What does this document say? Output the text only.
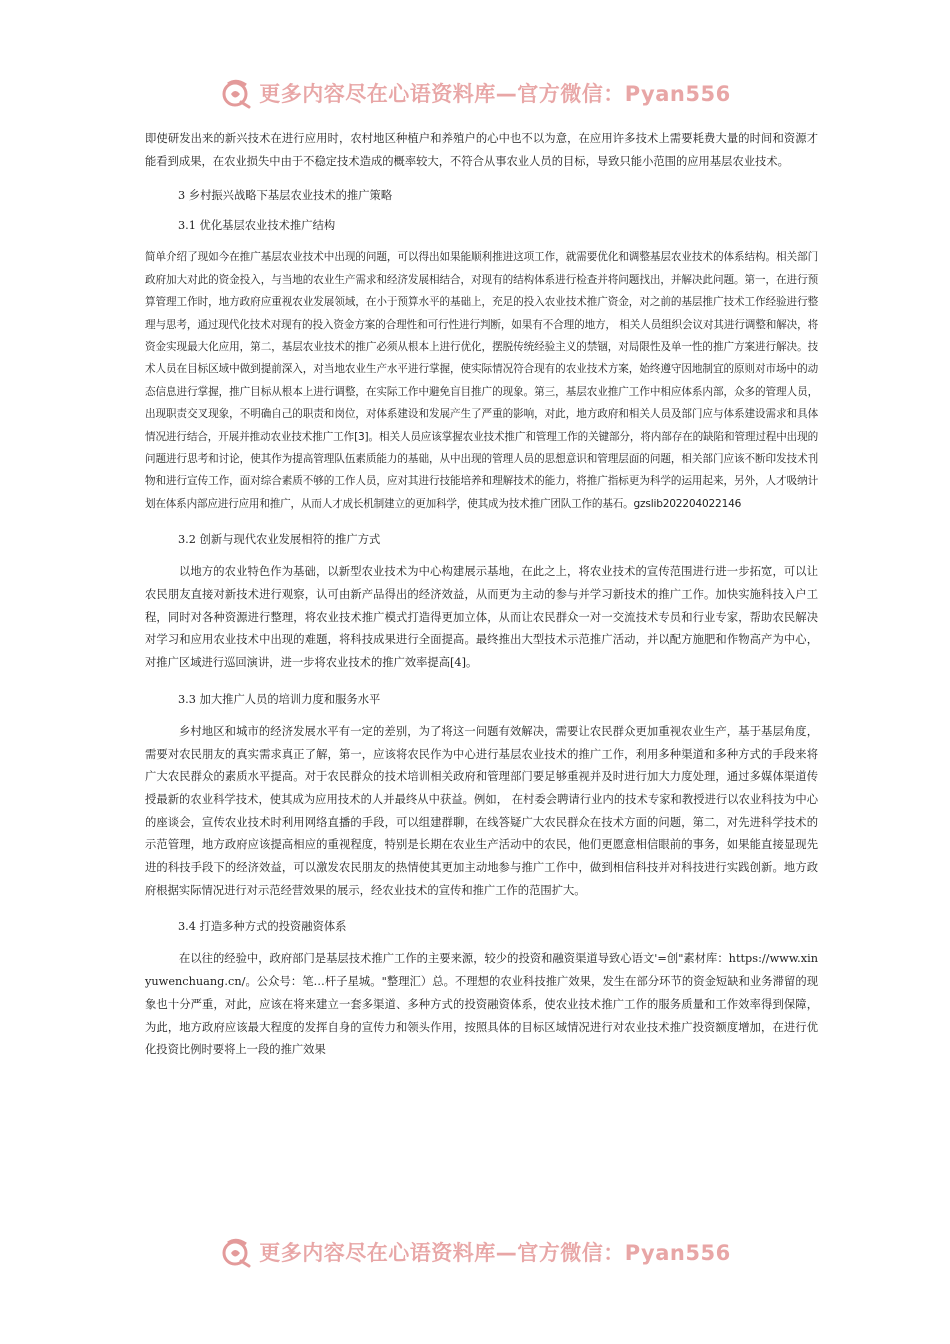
更多内容尽在心语资料库—官方微信：Pyan556

即使研发出来的新兴技术在进行应用时，农村地区种植户和养殖户的心中也不以为意，在应用许多技术上需要耗费大量的时间和资源才能看到成果，在农业损失中由于不稳定技术造成的概率较大，不符合从事农业人员的目标，导致只能小范围的应用基层农业技术。

3 乡村振兴战略下基层农业技术的推广策略

3.1 优化基层农业技术推广结构

简单介绍了现如今在推广基层农业技术中出现的问题，可以得出如果能顺利推进这项工作，就需要优化和调整基层农业技术的体系结构。相关部门政府加大对此的资金投入，与当地的农业生产需求和经济发展相结合，对现有的结构体系进行检查并将问题找出，并解决此问题。第一，在进行预算管理工作时，地方政府应重视农业发展领域，在小于预算水平的基础上，充足的投入农业技术推广资金，对之前的基层推广技术工作经验进行整理与思考，通过现代化技术对现有的投入资金方案的合理性和可行性进行判断，如果有不合理的地方， 相关人员组织会议对其进行调整和解决，将资金实现最大化应用，第二，基层农业技术的推广必须从根本上进行优化，摆脱传统经验主义的禁锢，对局限性及单一性的推广方案进行解决。技术人员在目标区域中做到提前深入，对当地农业生产水平进行掌握，使实际情况符合现有的农业技术方案，始终遵守因地制宜的原则对市场中的动态信息进行掌握，推广目标从根本上进行调整，在实际工作中避免盲目推广的现象。第三，基层农业推广工作中相应体系内部，众多的管理人员，出现职责交叉现象，不明确自己的职责和岗位，对体系建设和发展产生了严重的影响，对此，地方政府和相关人员及部门应与体系建设需求和具体情况进行结合，开展并推动农业技术推广工作[3]。相关人员应该掌握农业技术推广和管理工作的关键部分，将内部存在的缺陷和管理过程中出现的问题进行思考和讨论，使其作为提高管理队伍素质能力的基础，从中出现的管理人员的思想意识和管理层面的问题，相关部门应该不断印发技术刊物和进行宣传工作，面对综合素质不够的工作人员，应对其进行技能培养和理解技术的能力，将推广指标更为科学的运用起来，另外，人才吸纳计划在体系内部应进行应用和推广，从而人才成长机制建立的更加科学，使其成为技术推广团队工作的基石。gzslib202204022146

3.2 创新与现代农业发展相符的推广方式

以地方的农业特色作为基础，以新型农业技术为中心构建展示基地，在此之上，将农业技术的宣传范围进行进一步拓宽，可以让农民朋友直接对新技术进行观察，认可由新产品得出的经济效益，从而更为主动的参与并学习新技术的推广工作。加快实施科技入户工程，同时对各种资源进行整理，将农业技术推广模式打造得更加立体，从而让农民群众一对一交流技术专员和行业专家，帮助农民解决对学习和应用农业技术中出现的难题，将科技成果进行全面提高。最终推出大型技术示范推广活动，并以配方施肥和作物高产为中心，对推广区域进行巡回演讲，进一步将农业技术的推广效率提高[4]。

3.3 加大推广人员的培训力度和服务水平

乡村地区和城市的经济发展水平有一定的差别，为了将这一问题有效解决，需要让农民群众更加重视农业生产，基于基层角度，需要对农民朋友的真实需求真正了解，第一，应该将农民作为中心进行基层农业技术的推广工作，利用多种渠道和多种方式的手段来将广大农民群众的素质水平提高。对于农民群众的技术培训相关政府和管理部门要足够重视并及时进行加大力度处理，通过多媒体渠道传授最新的农业科学技术，使其成为应用技术的人并最终从中获益。例如， 在村委会聘请行业内的技术专家和教授进行以农业科技为中心的座谈会，宣传农业技术时利用网络直播的手段，可以组建群聊，在线答疑广大农民群众在技术方面的问题，第二，对先进科学技术的示范管理，地方政府应该提高相应的重视程度，特别是长期在农业生产活动中的农民，他们更愿意相信眼前的事务，如果能直接显现先进的科技手段下的经济效益，可以激发农民朋友的热情使其更加主动地参与推广工作中，做到相信科技并对科技进行实践创新。地方政府根据实际情况进行对示范经营效果的展示，经农业技术的宣传和推广工作的范围扩大。

3.4 打造多种方式的投资融资体系

在以往的经验中，政府部门是基层技术推广工作的主要来源，较少的投资和融资渠道导致心语文'=创"素材库：https://www.xinyuwenchuang.cn/。公众号：笔…杆子星城。"整理汇）总。不理想的农业科技推广效果，发生在部分环节的资金短缺和业务滞留的现象也十分严重，对此，应该在将来建立一套多渠道、多种方式的投资融资体系，使农业技术推广工作的服务质量和工作效率得到保障，为此，地方政府应该最大程度的发挥自身的宣传力和领头作用，按照具体的目标区域情况进行对农业技术推广投资额度增加，在进行优化投资比例时要将上一段的推广效果

更多内容尽在心语资料库—官方微信：Pyan556
